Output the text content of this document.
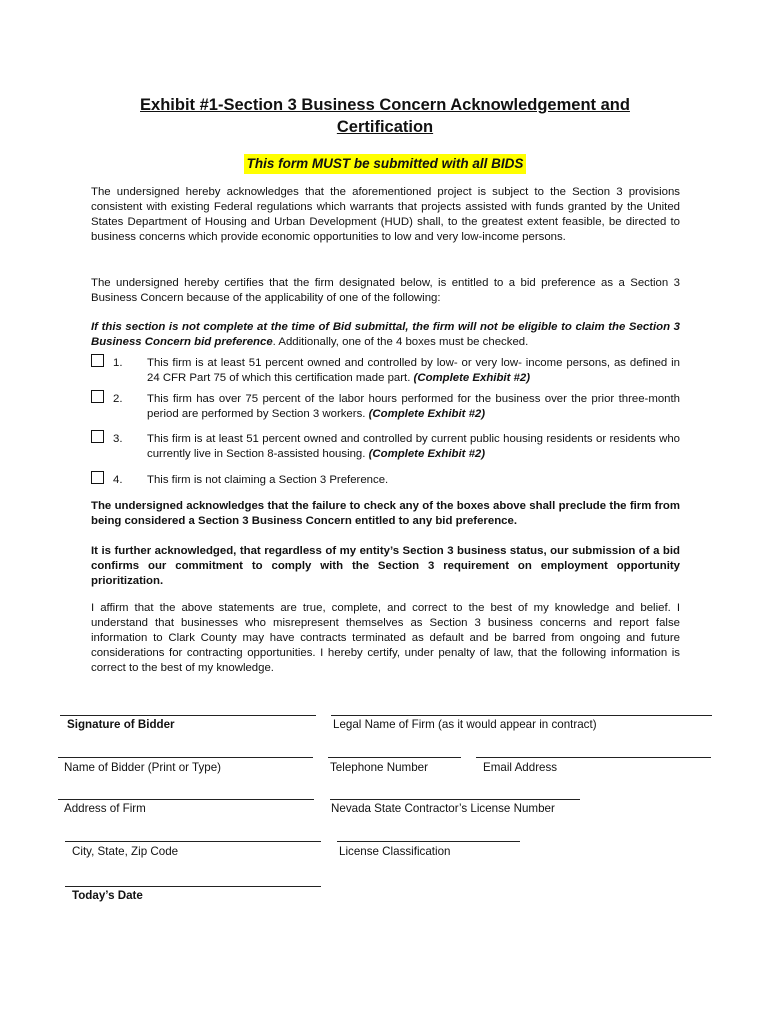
Exhibit #1-Section 3 Business Concern Acknowledgement and
Certification
This form MUST be submitted with all BIDS
The undersigned hereby acknowledges that the aforementioned project is subject to the Section 3 provisions consistent with existing Federal regulations which warrants that projects assisted with funds granted by the United States Department of Housing and Urban Development (HUD) shall, to the greatest extent feasible, be directed to business concerns which provide economic opportunities to low and very low-income persons.
The undersigned hereby certifies that the firm designated below, is entitled to a bid preference as a Section 3 Business Concern because of the applicability of one of the following:
If this section is not complete at the time of Bid submittal, the firm will not be eligible to claim the Section 3 Business Concern bid preference. Additionally, one of the 4 boxes must be checked.
1. This firm is at least 51 percent owned and controlled by low- or very low- income persons, as defined in 24 CFR Part 75 of which this certification made part. (Complete Exhibit #2)
2. This firm has over 75 percent of the labor hours performed for the business over the prior three-month period are performed by Section 3 workers. (Complete Exhibit #2)
3. This firm is at least 51 percent owned and controlled by current public housing residents or residents who currently live in Section 8-assisted housing. (Complete Exhibit #2)
4. This firm is not claiming a Section 3 Preference.
The undersigned acknowledges that the failure to check any of the boxes above shall preclude the firm from being considered a Section 3 Business Concern entitled to any bid preference.
It is further acknowledged, that regardless of my entity’s Section 3 business status, our submission of a bid confirms our commitment to comply with the Section 3 requirement on employment opportunity prioritization.
I affirm that the above statements are true, complete, and correct to the best of my knowledge and belief. I understand that businesses who misrepresent themselves as Section 3 business concerns and report false information to Clark County may have contracts terminated as default and be barred from ongoing and future considerations for contracting opportunities. I hereby certify, under penalty of law, that the following information is correct to the best of my knowledge.
Signature of Bidder	Legal Name of Firm (as it would appear in contract)
Name of Bidder (Print or Type)	Telephone Number	Email Address
Address of Firm	Nevada State Contractor’s License Number
City, State, Zip Code	License Classification
Today’s Date
